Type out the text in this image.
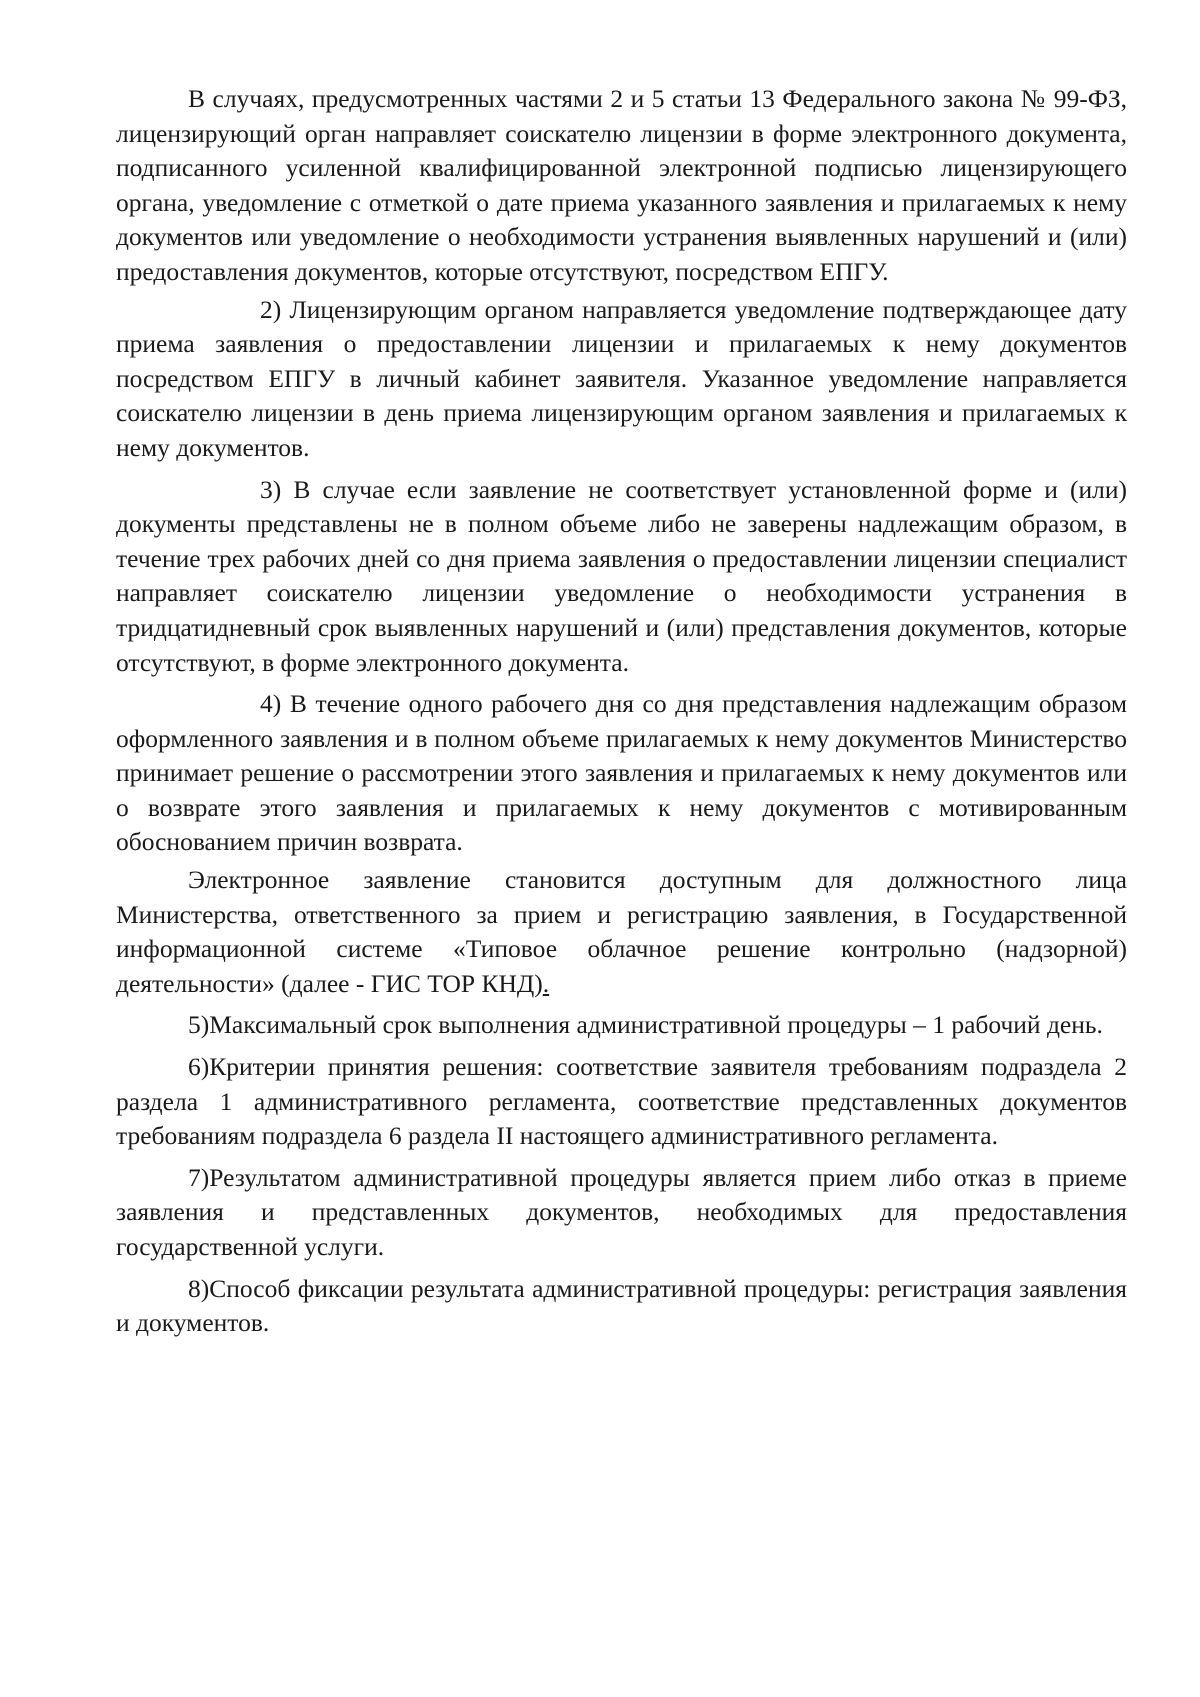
В случаях, предусмотренных частями 2 и 5 статьи 13 Федерального закона № 99-ФЗ, лицензирующий орган направляет соискателю лицензии в форме электронного документа, подписанного усиленной квалифицированной электронной подписью лицензирующего органа, уведомление с отметкой о дате приема указанного заявления и прилагаемых к нему документов или уведомление о необходимости устранения выявленных нарушений и (или) предоставления документов, которые отсутствуют, посредством ЕПГУ.

2) Лицензирующим органом направляется уведомление подтверждающее дату приема заявления о предоставлении лицензии и прилагаемых к нему документов посредством ЕПГУ в личный кабинет заявителя. Указанное уведомление направляется соискателю лицензии в день приема лицензирующим органом заявления и прилагаемых к нему документов.

3) В случае если заявление не соответствует установленной форме и (или) документы представлены не в полном объеме либо не заверены надлежащим образом, в течение трех рабочих дней со дня приема заявления о предоставлении лицензии специалист направляет соискателю лицензии уведомление о необходимости устранения в тридцатидневный срок выявленных нарушений и (или) представления документов, которые отсутствуют, в форме электронного документа.

4) В течение одного рабочего дня со дня представления надлежащим образом оформленного заявления и в полном объеме прилагаемых к нему документов Министерство принимает решение о рассмотрении этого заявления и прилагаемых к нему документов или о возврате этого заявления и прилагаемых к нему документов с мотивированным обоснованием причин возврата.

Электронное заявление становится доступным для должностного лица Министерства, ответственного за прием и регистрацию заявления, в Государственной информационной системе «Типовое облачное решение контрольно (надзорной) деятельности» (далее - ГИС ТОР КНД).

5)Максимальный срок выполнения административной процедуры – 1 рабочий день.

6)Критерии принятия решения: соответствие заявителя требованиям подраздела 2 раздела 1 административного регламента, соответствие представленных документов требованиям подраздела 6 раздела II настоящего административного регламента.

7)Результатом административной процедуры является прием либо отказ в приеме заявления и представленных документов, необходимых для предоставления государственной услуги.

8)Способ фиксации результата административной процедуры: регистрация заявления и документов.
